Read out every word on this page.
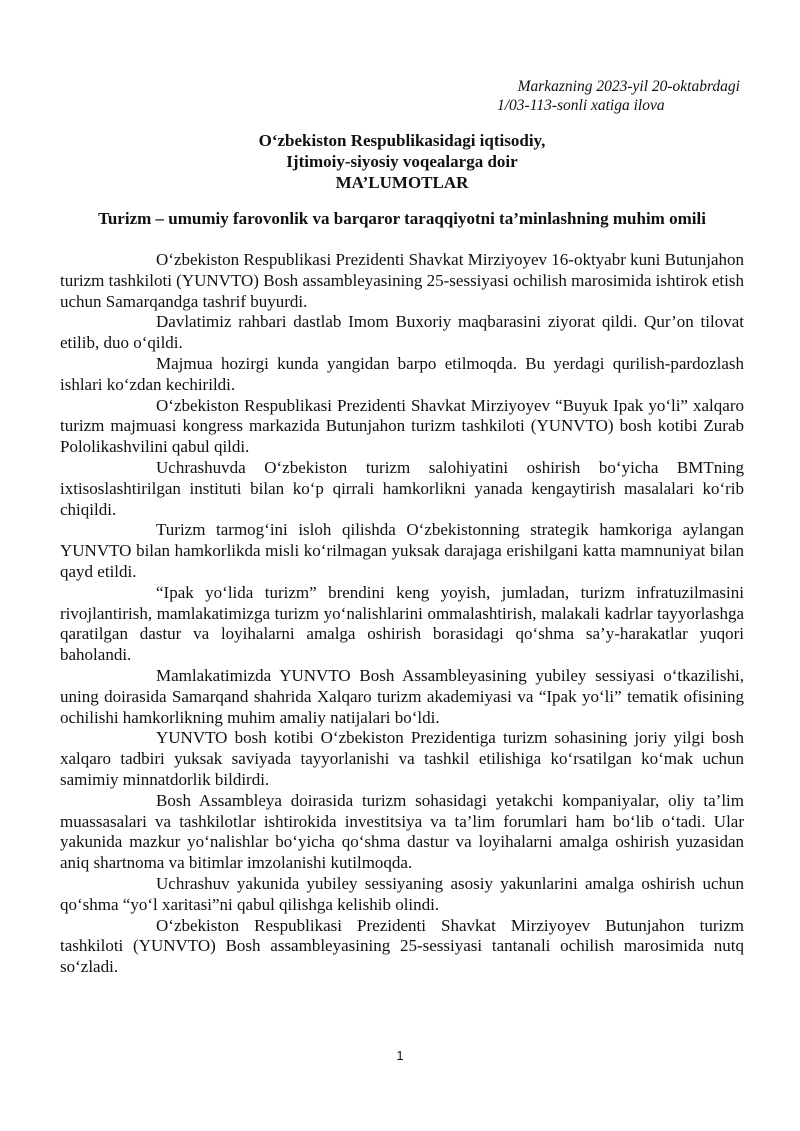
Markazning 2023-yil 20-oktabrdagi
1/03-113-sonli xatiga ilova
O‘zbekiston Respublikasidagi iqtisodiy,
Ijtimoiy-siyosiy voqealarga doir
MA’LUMOTLAR
Turizm – umumiy farovonlik va barqaror taraqqiyotni ta’minlashning muhim omili

O‘zbekiston Respublikasi Prezidenti Shavkat Mirziyoyev 16-oktyabr kuni Butunjahon turizm tashkiloti (YUNVTO) Bosh assambleyasining 25-sessiyasi ochilish marosimida ishtirok etish uchun Samarqandga tashrif buyurdi.

Davlatimiz rahbari dastlab Imom Buxoriy maqbarasini ziyorat qildi. Qur’on tilovat etilib, duo o‘qildi.

Majmua hozirgi kunda yangidan barpo etilmoqda. Bu yerdagi qurilish-pardozlash ishlari ko‘zdan kechirildi.

O‘zbekiston Respublikasi Prezidenti Shavkat Mirziyoyev “Buyuk Ipak yo‘li” xalqaro turizm majmuasi kongress markazida Butunjahon turizm tashkiloti (YUNVTO) bosh kotibi Zurab Pololikashvilini qabul qildi.

Uchrashuvda O‘zbekiston turizm salohiyatini oshirish bo‘yicha BMTning ixtisoslashtirilgan instituti bilan ko‘p qirrali hamkorlikni yanada kengaytirish masalalari ko‘rib chiqildi.

Turizm tarmog‘ini isloh qilishda O‘zbekistonning strategik hamkoriga aylangan YUNVTO bilan hamkorlikda misli ko‘rilmagan yuksak darajaga erishilgani katta mamnuniyat bilan qayd etildi.

“Ipak yo‘lida turizm” brendini keng yoyish, jumladan, turizm infratuzilmasini rivojlantirish, mamlakatimizga turizm yo‘nalishlarini ommalashtirish, malakali kadrlar tayyorlashga qaratilgan dastur va loyihalarni amalga oshirish borasidagi qo‘shma sa’y-harakatlar yuqori baholandi.

Mamlakatimizda YUNVTO Bosh Assambleyasining yubiley sessiyasi o‘tkazilishi, uning doirasida Samarqand shahrida Xalqaro turizm akademiyasi va “Ipak yo‘li” tematik ofisining ochilishi hamkorlikning muhim amaliy natijalari bo‘ldi.

YUNVTO bosh kotibi O‘zbekiston Prezidentiga turizm sohasining joriy yilgi bosh xalqaro tadbiri yuksak saviyada tayyorlanishi va tashkil etilishiga ko‘rsatilgan ko‘mak uchun samimiy minnatdorlik bildirdi.

Bosh Assambleya doirasida turizm sohasidagi yetakchi kompaniyalar, oliy ta’lim muassasalari va tashkilotlar ishtirokida investitsiya va ta’lim forumlari ham bo‘lib o‘tadi. Ular yakunida mazkur yo‘nalishlar bo‘yicha qo‘shma dastur va loyihalarni amalga oshirish yuzasidan aniq shartnoma va bitimlar imzolanishi kutilmoqda.

Uchrashuv yakunida yubiley sessiyaning asosiy yakunlarini amalga oshirish uchun qo‘shma “yo‘l xaritasi”ni qabul qilishga kelishib olindi.

O‘zbekiston Respublikasi Prezidenti Shavkat Mirziyoyev Butunjahon turizm tashkiloti (YUNVTO) Bosh assambleyasining 25-sessiyasi tantanali ochilish marosimida nutq so‘zladi.

1
